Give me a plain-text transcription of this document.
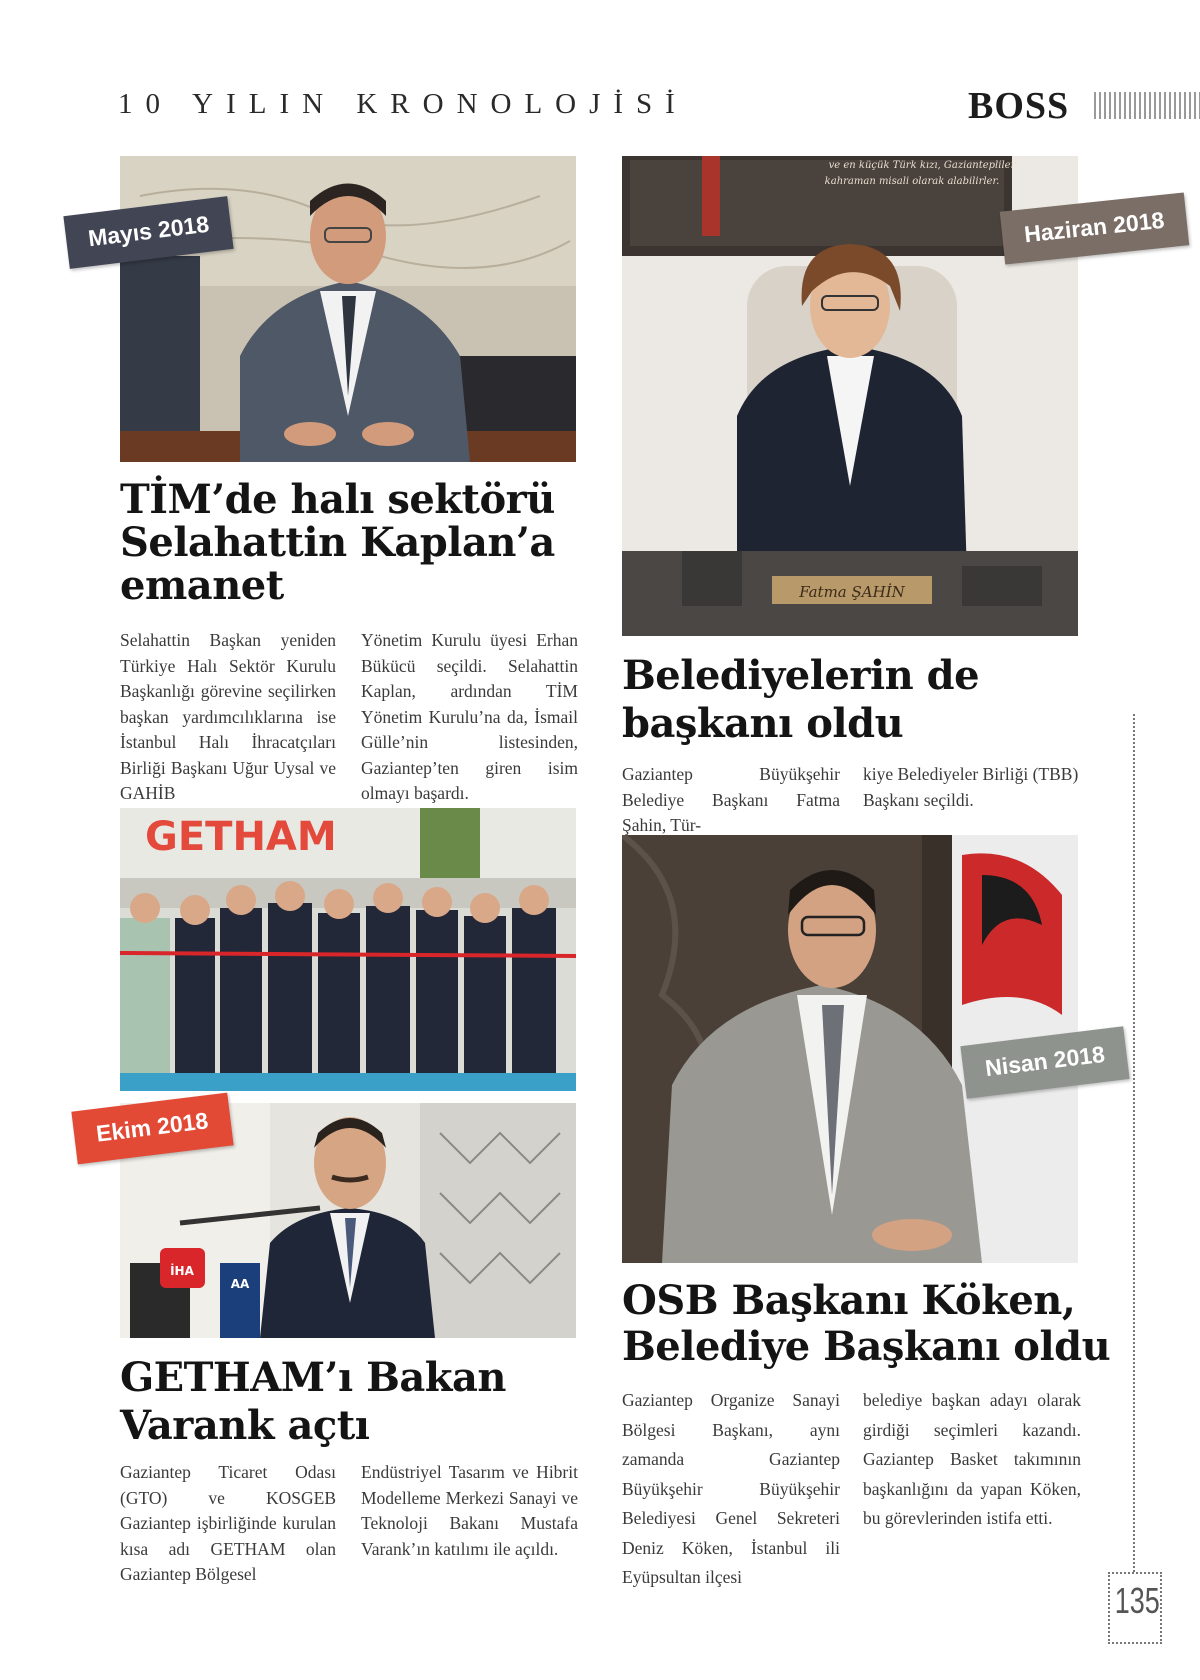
10 YILIN KRONOLOJİSİ	BOSS
Mayıs 2018
TİM’de halı sektörü Selahattin Kaplan’a emanet
Selahattin Başkan yeniden Türkiye Halı Sektör Kurulu Başkanlığı görevine seçilirken başkan yardımcılıklarına ise İstanbul Halı İhracatçıları Birliği Başkanı Uğur Uysal ve GAHİB
Yönetim Kurulu üyesi Erhan Bükücü seçildi. Selahattin Kaplan, ardından TİM Yönetim Kurulu’na da, İsmail Gülle’nin listesinden, Gaziantep’ten giren isim olmayı başardı.
ve en küçük Türk kızı, Gaziantepliler
kahraman misali olarak alabilirler.
Fatma ŞAHİN
Haziran 2018
Belediyelerin de başkanı oldu
Gaziantep Büyükşehir Belediye Başkanı Fatma Şahin, Tür-
kiye Belediyeler Birliği (TBB) Başkanı seçildi.
GETHAM
İHA
AA
Ekim 2018
GETHAM’ı Bakan Varank açtı
Gaziantep Ticaret Odası (GTO) ve KOSGEB Gaziantep işbirliğinde kurulan kısa adı GETHAM olan Gaziantep Bölgesel
Endüstriyel Tasarım ve Hibrit Modelleme Merkezi Sanayi ve Teknoloji Bakanı Mustafa Varank’ın katılımı ile açıldı.
Nisan 2018
OSB Başkanı Köken, Belediye Başkanı oldu
Gaziantep Organize Sanayi Bölgesi Başkanı, aynı zamanda Gaziantep Büyükşehir Büyükşehir Belediyesi Genel Sekreteri Deniz Köken, İstanbul ili Eyüpsultan ilçesi
belediye başkan adayı olarak girdiği seçimleri kazandı. Gaziantep Basket takımının başkanlığını da yapan Köken, bu görevlerinden istifa etti.
135
